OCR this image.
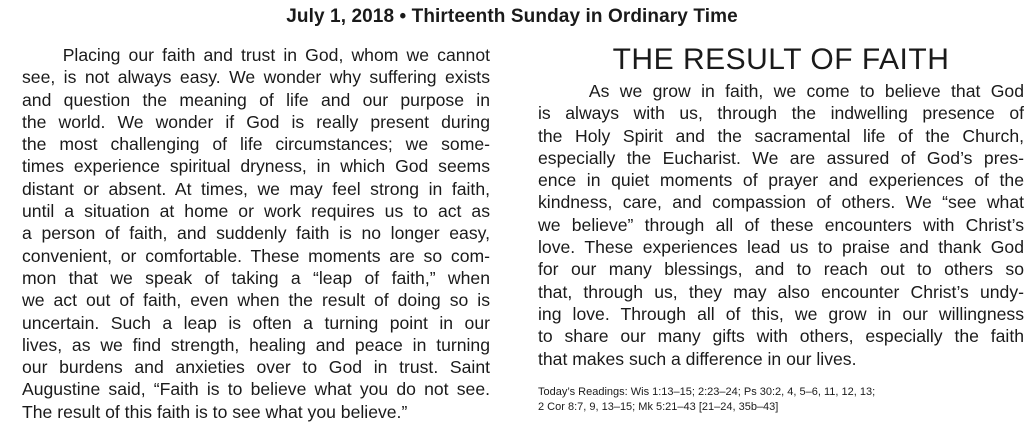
July 1, 2018 • Thirteenth Sunday in Ordinary Time
Placing our faith and trust in God, whom we cannot
see, is not always easy. We wonder why suffering exists
and question the meaning of life and our purpose in
the world. We wonder if God is really present during
the most challenging of life circumstances; we some-
times experience spiritual dryness, in which God seems
distant or absent. At times, we may feel strong in faith,
until a situation at home or work requires us to act as
a person of faith, and suddenly faith is no longer easy,
convenient, or comfortable. These moments are so com-
mon that we speak of taking a “leap of faith,” when
we act out of faith, even when the result of doing so is
uncertain. Such a leap is often a turning point in our
lives, as we find strength, healing and peace in turning
our burdens and anxieties over to God in trust. Saint
Augustine said, “Faith is to believe what you do not see.
The result of this faith is to see what you believe.”
THE RESULT OF FAITH
As we grow in faith, we come to believe that God
is always with us, through the indwelling presence of
the Holy Spirit and the sacramental life of the Church,
especially the Eucharist. We are assured of God’s pres-
ence in quiet moments of prayer and experiences of the
kindness, care, and compassion of others. We “see what
we believe” through all of these encounters with Christ’s
love. These experiences lead us to praise and thank God
for our many blessings, and to reach out to others so
that, through us, they may also encounter Christ’s undy-
ing love. Through all of this, we grow in our willingness
to share our many gifts with others, especially the faith
that makes such a difference in our lives.
Today’s Readings: Wis 1:13–15; 2:23–24; Ps 30:2, 4, 5–6, 11, 12, 13;
2 Cor 8:7, 9, 13–15; Mk 5:21–43 [21–24, 35b–43]
